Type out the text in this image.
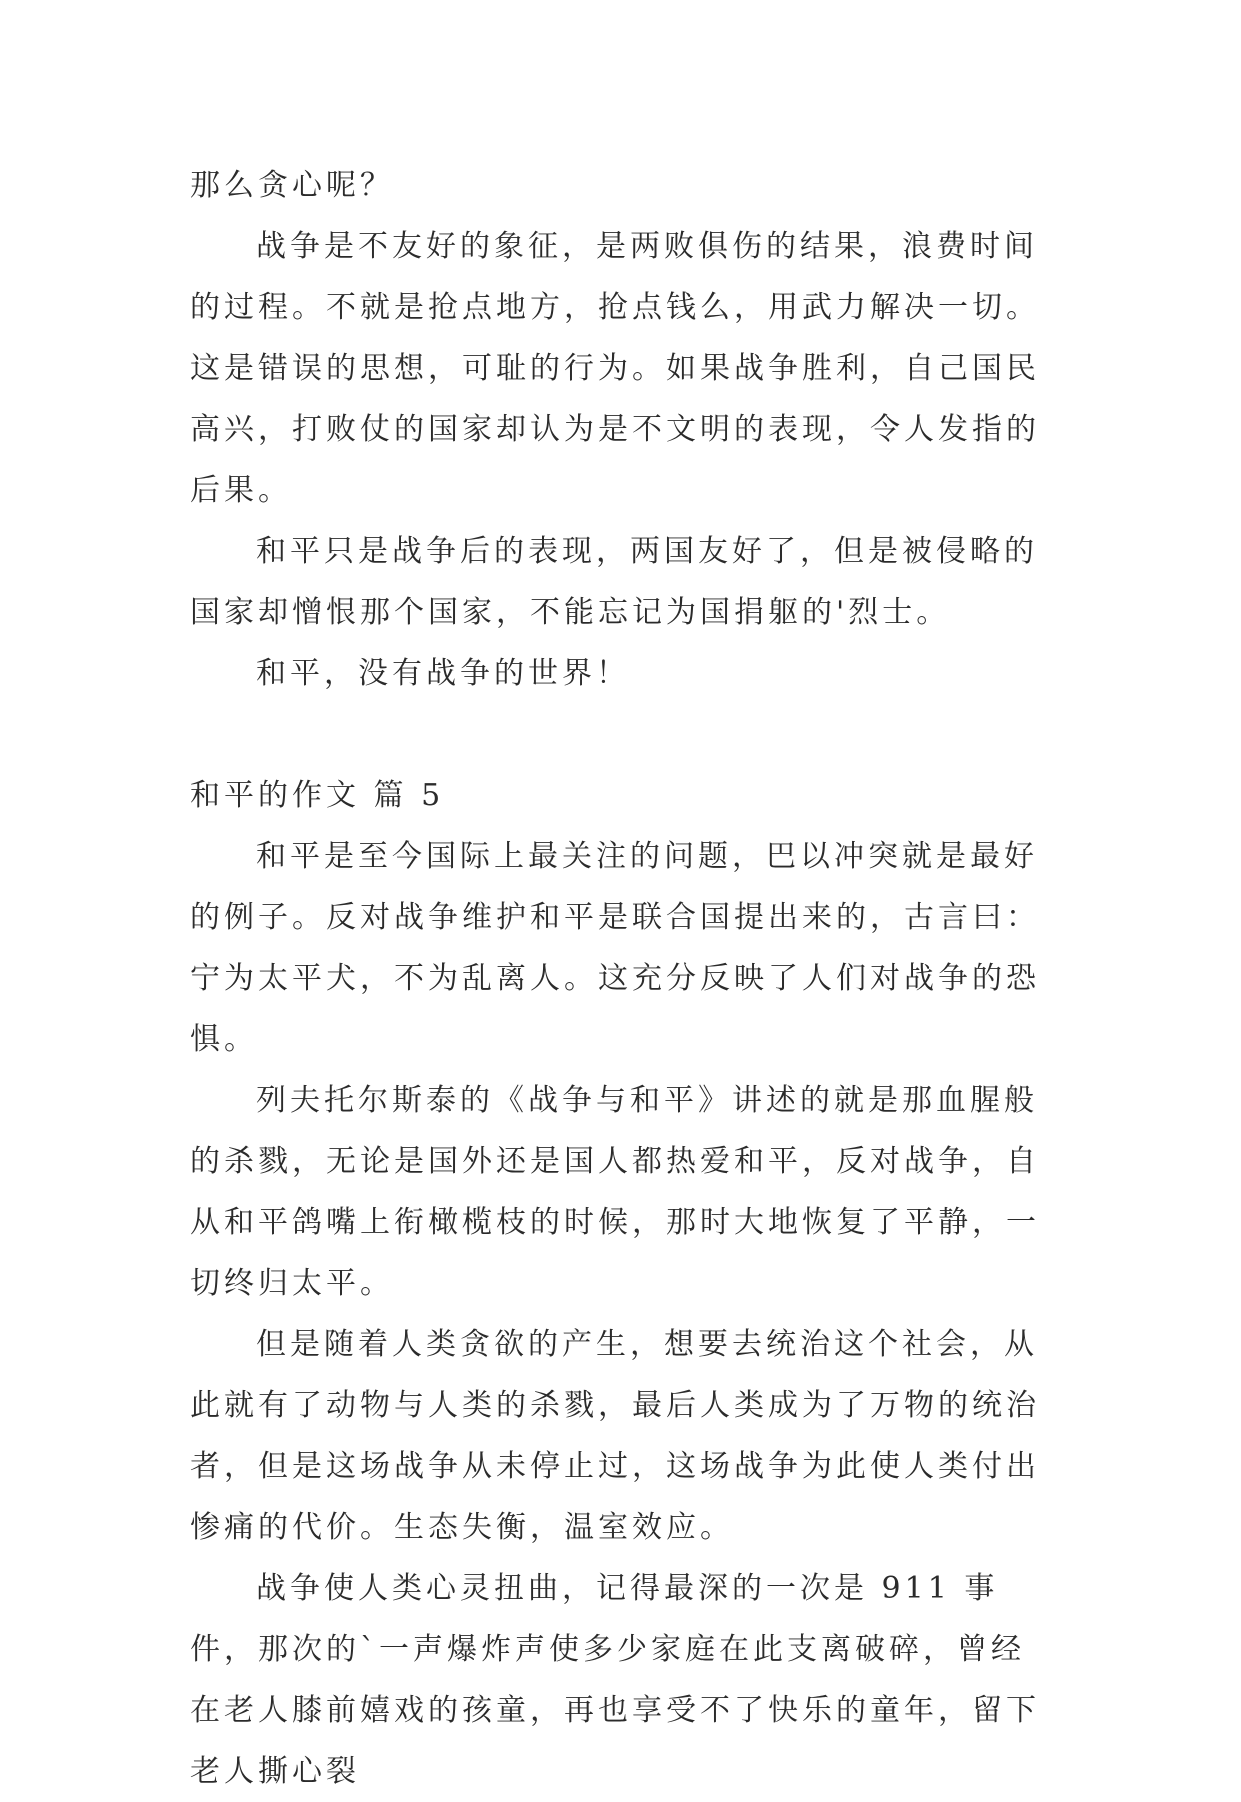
那么贪心呢？

战争是不友好的象征，是两败俱伤的结果，浪费时间的过程。不就是抢点地方，抢点钱么，用武力解决一切。这是错误的思想，可耻的行为。如果战争胜利，自己国民高兴，打败仗的国家却认为是不文明的表现，令人发指的后果。

和平只是战争后的表现，两国友好了，但是被侵略的国家却憎恨那个国家，不能忘记为国捐躯的'烈士。

和平，没有战争的世界！

和平的作文 篇 5

和平是至今国际上最关注的问题，巴以冲突就是最好的例子。反对战争维护和平是联合国提出来的，古言曰：宁为太平犬，不为乱离人。这充分反映了人们对战争的恐惧。

列夫托尔斯泰的《战争与和平》讲述的就是那血腥般的杀戮，无论是国外还是国人都热爱和平，反对战争，自从和平鸽嘴上衔橄榄枝的时候，那时大地恢复了平静，一切终归太平。

但是随着人类贪欲的产生，想要去统治这个社会，从此就有了动物与人类的杀戮，最后人类成为了万物的统治者，但是这场战争从未停止过，这场战争为此使人类付出惨痛的代价。生态失衡，温室效应。

战争使人类心灵扭曲，记得最深的一次是 911 事件，那次的`一声爆炸声使多少家庭在此支离破碎，曾经在老人膝前嬉戏的孩童，再也享受不了快乐的童年，留下老人撕心裂
